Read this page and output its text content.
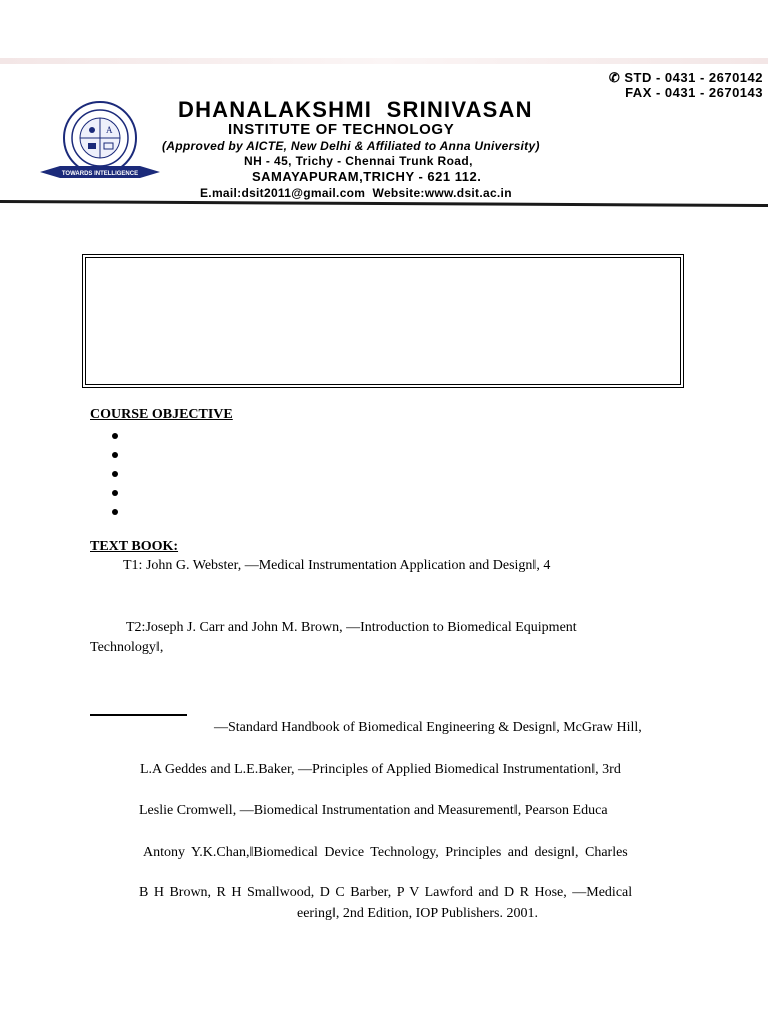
A
TOWARDS INTELLIGENCE
✆ STD - 0431 - 2670142
FAX - 0431 - 2670143
DHANALAKSHMI  SRINIVASAN
INSTITUTE OF TECHNOLOGY
(Approved by AICTE, New Delhi & Affiliated to Anna University)
NH - 45, Trichy - Chennai Trunk Road,
SAMAYAPURAM,TRICHY - 621 112.
E.mail:dsit2011@gmail.com  Website:www.dsit.ac.in
COURSE OBJECTIVE
TEXT BOOK:
T1: John G. Webster, —Medical Instrumentation Application and Design‖, 4
T2:Joseph J. Carr and John M. Brown, —Introduction to Biomedical Equipment
Technology‖,
—Standard Handbook of Biomedical Engineering & Design‖, McGraw Hill,
L.A Geddes and L.E.Baker, —Principles of Applied Biomedical Instrumentation‖, 3rd
Leslie Cromwell, —Biomedical Instrumentation and Measurement‖, Pearson Educa
Antony Y.K.Chan,‖Biomedical Device Technology, Principles and design‖, Charles
B H Brown, R H Smallwood, D C Barber, P V Lawford and D R Hose, —Medical
eering‖, 2nd Edition, IOP Publishers. 2001.
